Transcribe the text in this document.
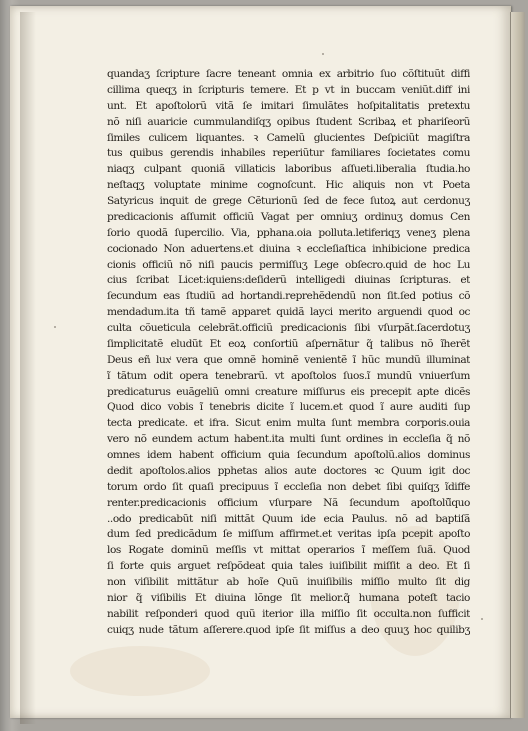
quandaʒ ſcripture ſacre teneant omnia ex arbitrio ſuo cõſtituũt diffi
cillima queqʒ in ſcripturis temere. Et p vt in buccam veniũt.diff ini
unt. Et apoſtolorũ vitã ſe imitari ſimulãtes hoſpitalitatis pretextu
nõ niſi auaricie cummulandiſqʒ opibus ſtudent Scribaꝝ et phariſeorũ
ſimiles culicem liquantes. ꝛ Camelũ glucientes Deſpiciũt magiſtra
tus quibus gerendis inhabiles reperiũtur familiares ſocietates comu
niaqʒ culpant quoniã villaticis laboribus aſſueti.liberalia ſtudia.ho
neſtaqʒ voluptate minime cognoſcunt. Hic aliquis non vt Poeta
Satyricus inquit de grege Cẽturionũ ſed de fece ſutoꝝ aut cerdonuʒ
predicacionis aſſumit officiũ Vagat per omniuʒ ordinuʒ domus Cen
ſorio quodã ſupercilio. Via, pphana.oia polluta.letiferiqʒ veneʒ plena
cocionado Non aduertens.et diuina ꝛ eccleſiaſtica inhibicione predica
cionis officiũ nõ niſi paucis permiſſuʒ Lege obſecro.quid de hoc Lu
cius ſcribat Licet:iquiens:deſiderũ intelligedi diuinas ſcripturas. et
ſecundum eas ſtudiũ ad hortandi.reprehẽdendũ non ſit.ſed potius cõ
mendadum.ita tñ tamẽ apparet quidã layci merito arguendi quod oc
culta cõueticula celebrãt.officiũ predicacionis ſibi vſurpãt.ſacerdotuʒ
ſimplicitatẽ eludũt Et eoꝝ conſortiũ aſpernãtur q̃ talibus nõ ĩherẽt
Deus eñ luxͥ vera que omnẽ hominẽ venientẽ ĩ hũc mundũ illuminat
ĩ tãtum odit opera tenebrarũ. vt apoſtolos ſuos.ĩ mundũ vniuerſum
predicaturus euãgeliũ omni creature miſſurus eis precepit apte dicẽs
Quod dico vobis ĩ tenebris dicite ĩ lucem.et quod ĩ aure auditi ſup
tecta predicate. et ifra. Sicut enim multa ſunt membra corporis.ouia
vero nõ eundem actum habent.ita multi ſunt ordines in eccleſia q̃ nõ
omnes idem habent officium quia ſecundum apoſtolũ.alios dominus
dedit apoſtolos.alios pphetas alios aute doctores ꝛc Quum igit doc
torum ordo ſit quaſi precipuus ĩ eccleſia non debet ſibi quiſqʒ ĩdiffe
renter.predicacionis officium vſurpare Nã ſecundum apoſtolũ̃quo
..odo predicabũt niſi mittãt Quum ide ecia Paulus. nõ ad baptiſã
dum ſed predicãdum ſe miſſum affirmet.et veritas ipſa pcepit apoſto
los Rogate dominũ meſſis vt mittat operarios ĩ meſſem ſuã. Quod
ſi forte quis arguet reſpõdeat quia tales iuiſibilit miſſit a deo. Et ſi
non viſibilit mittãtur ab hoĩe Quũ inuiſibilis miſſio multo ſit dig
nior q̃ viſibilis Et diuina lõnge ſit melior.q̃ humana poteſt tacio
nabilit reſponderi quod quũ iterior illa miſſio ſit occulta.non ſufficit
cuiqʒ nude tãtum aſſerere.quod ipſe ſit miſſus a deo quuʒ hoc quilibʒ
